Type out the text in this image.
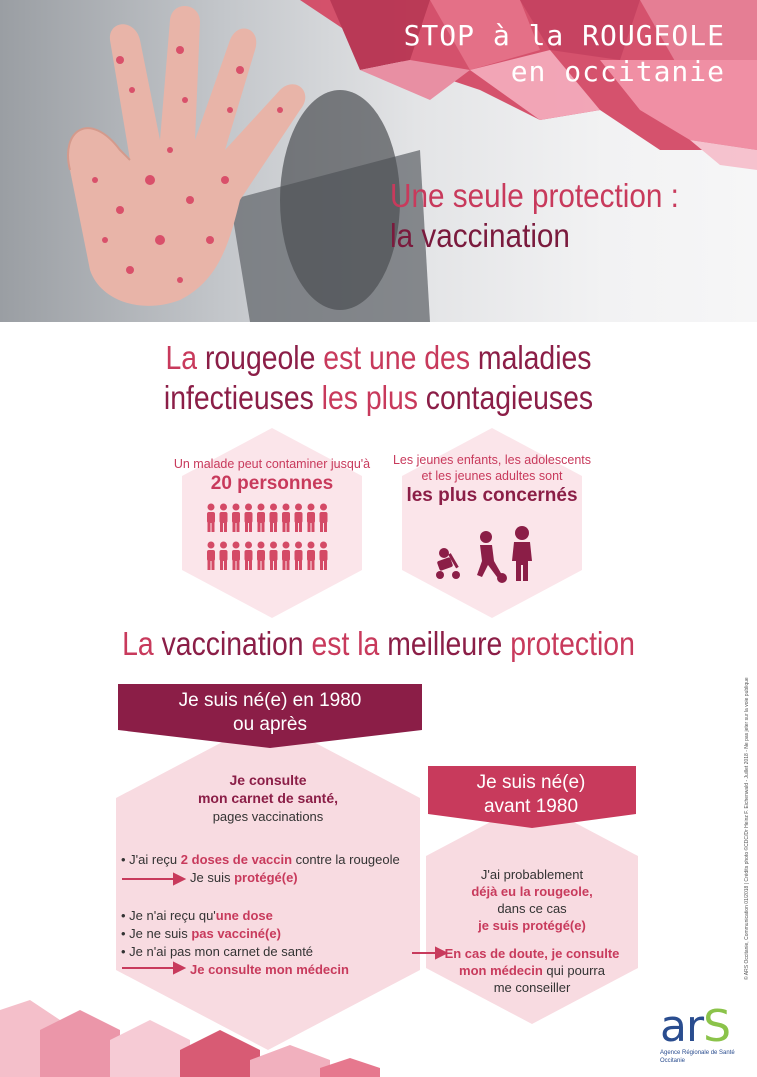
STOP à la ROUGEOLE
en occitanie
Une seule protection :

la vaccination
La rougeole est une des maladies
infectieuses les plus contagieuses
Un malade peut contaminer jusqu'à
20 personnes
Les jeunes enfants, les adolescents
et les jeunes adultes sont
les plus concernés
La vaccination est la meilleure protection
Je suis né(e) en 1980
ou après
Je suis né(e)
avant 1980
Je consulte
mon carnet de santé,
pages vaccinations
• J'ai reçu 2 doses de vaccin contre la rougeole
Je suis protégé(e)
• Je n'ai reçu qu'une dose
• Je ne suis pas vacciné(e)
• Je n'ai pas mon carnet de santé
Je consulte mon médecin
J'ai probablement
déjà eu la rougeole,
dans ce cas
je suis protégé(e)
En cas de doute, je consulte
mon médecin qui pourra
me conseiller
© ARS Occitanie, Communication 01/2018 | Crédits photo ©CDC/Dr Heinz F. Eichenwald - Juillet 2018 - Ne pas jeter sur la voie publique
arS
Agence Régionale de Santé
Occitanie
